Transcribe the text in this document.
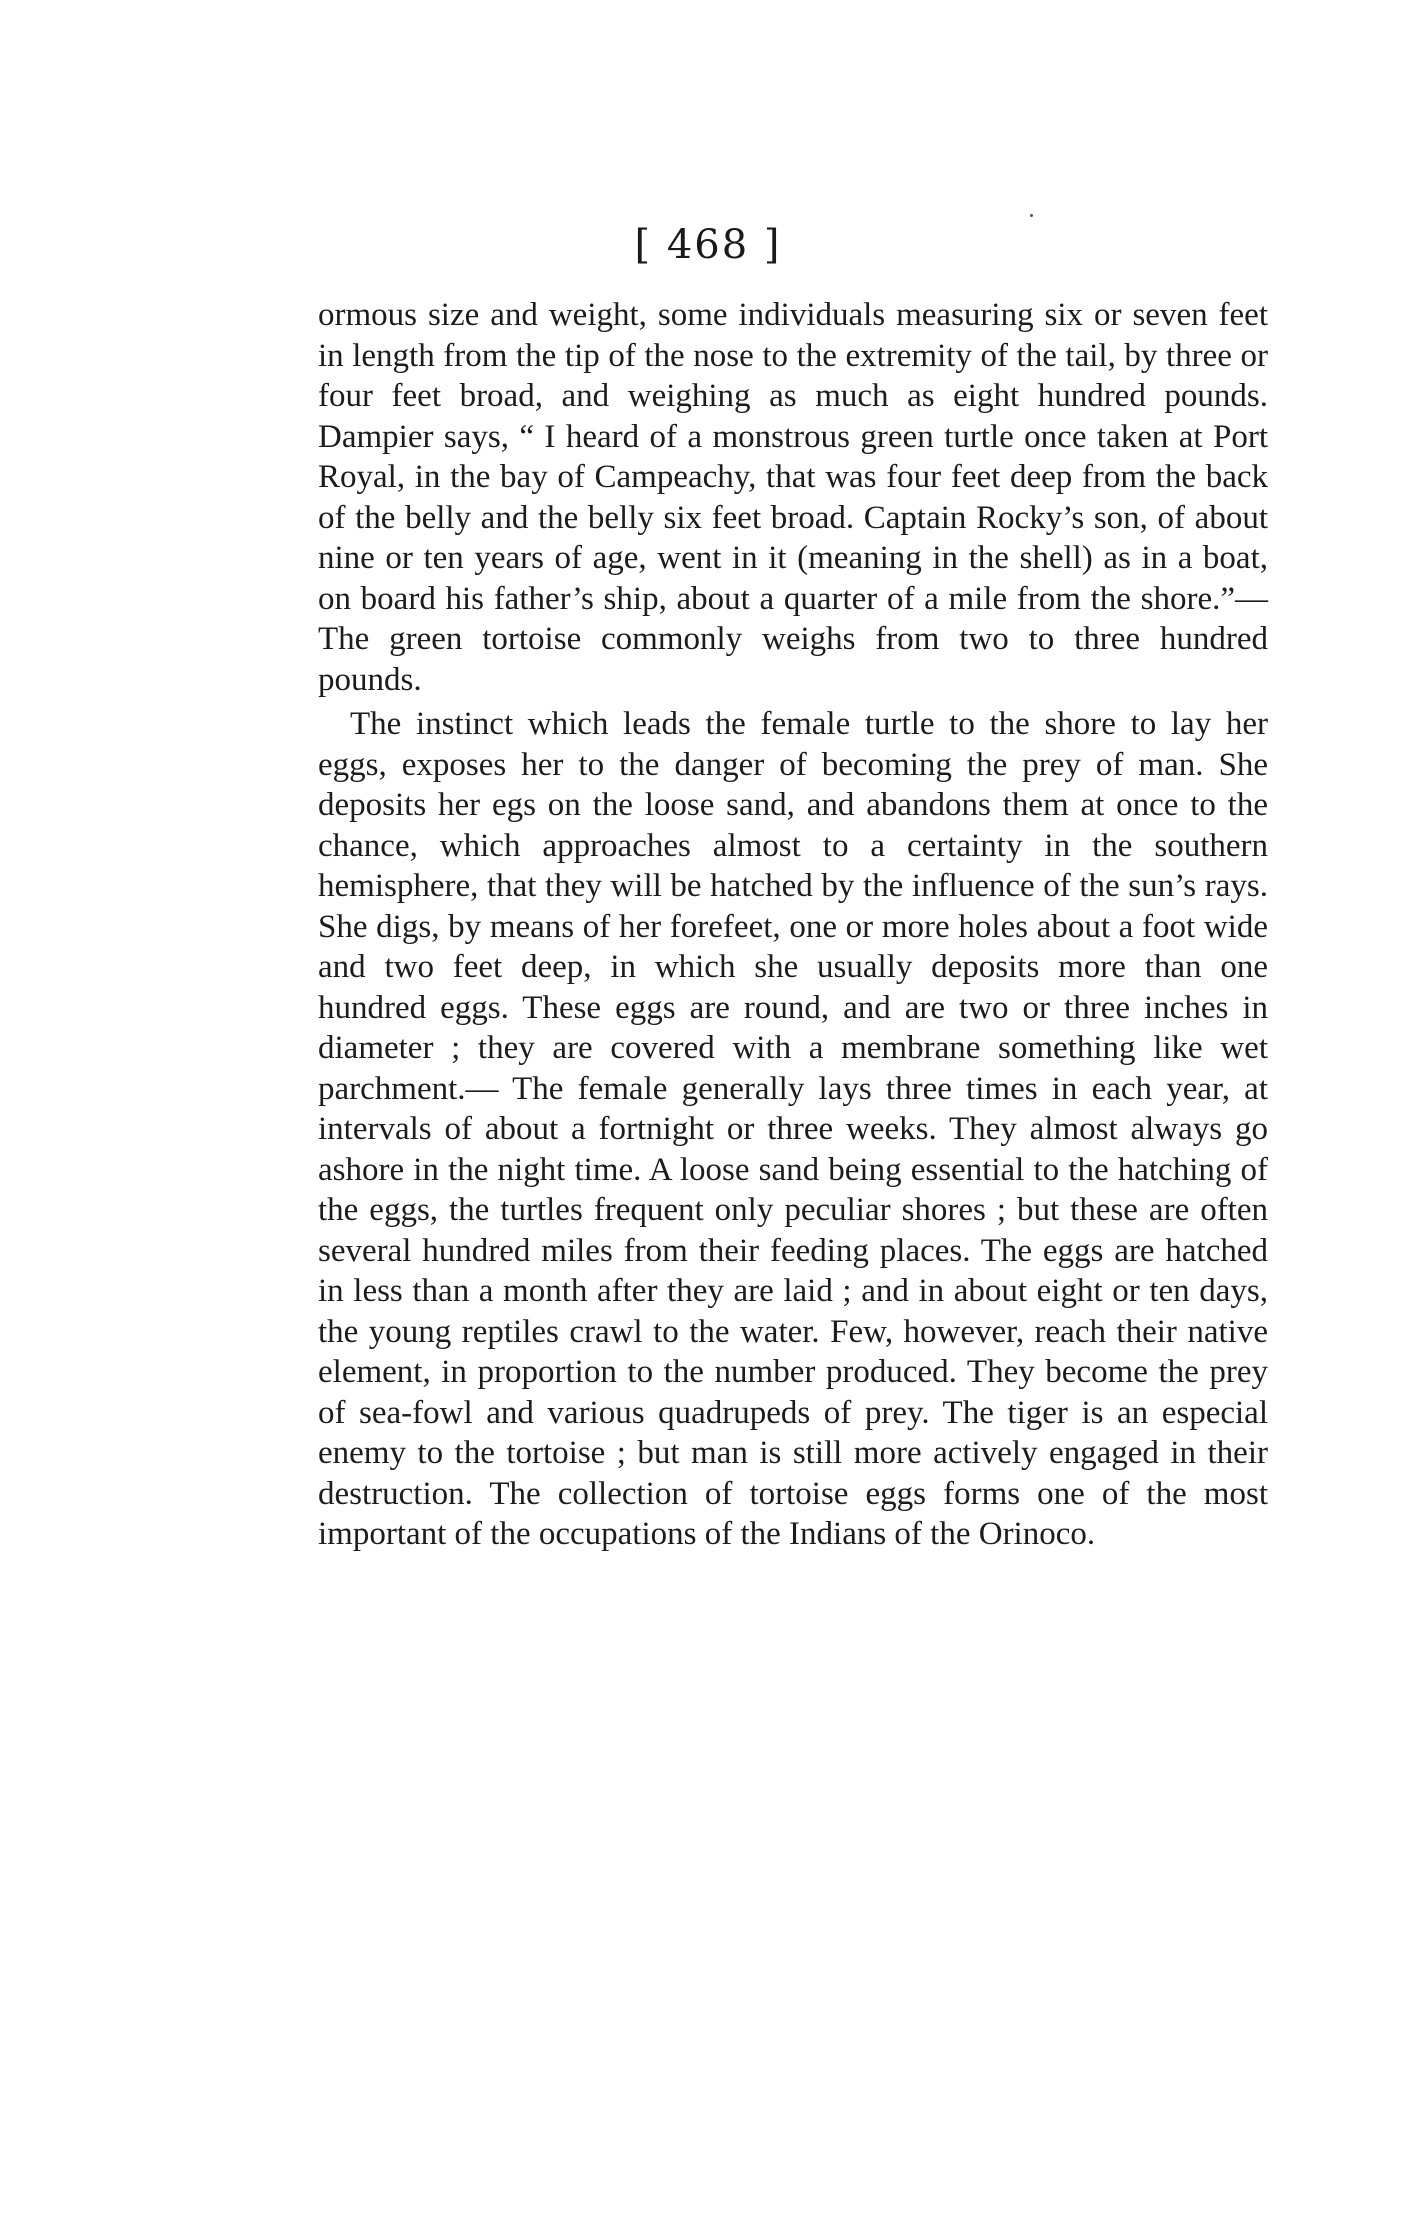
[ 468 ]

ormous size and weight, some individuals measuring six or seven feet in length from the tip of the nose to the extremity of the tail, by three or four feet broad, and weighing as much as eight hundred pounds. Dampier says, “ I heard of a monstrous green turtle once taken at Port Royal, in the bay of Campeachy, that was four feet deep from the back of the belly and the belly six feet broad. Captain Rocky’s son, of about nine or ten years of age, went in it (meaning in the shell) as in a boat, on board his father’s ship, about a quarter of a mile from the shore.”— The green tortoise commonly weighs from two to three hundred pounds.

The instinct which leads the female turtle to the shore to lay her eggs, exposes her to the danger of becoming the prey of man. She deposits her egs on the loose sand, and abandons them at once to the chance, which approaches almost to a certainty in the southern hemisphere, that they will be hatched by the influence of the sun’s rays. She digs, by means of her forefeet, one or more holes about a foot wide and two feet deep, in which she usually deposits more than one hundred eggs. These eggs are round, and are two or three inches in diameter ; they are covered with a membrane something like wet parchment.— The female generally lays three times in each year, at intervals of about a fortnight or three weeks. They almost always go ashore in the night time. A loose sand being essential to the hatching of the eggs, the turtles frequent only peculiar shores ; but these are often several hundred miles from their feeding places. The eggs are hatched in less than a month after they are laid ; and in about eight or ten days, the young reptiles crawl to the water. Few, however, reach their native element, in proportion to the number produced. They become the prey of sea-fowl and various quadrupeds of prey. The tiger is an especial enemy to the tortoise ; but man is still more actively engaged in their destruction. The collection of tortoise eggs forms one of the most important of the occupations of the Indians of the Orinoco.
